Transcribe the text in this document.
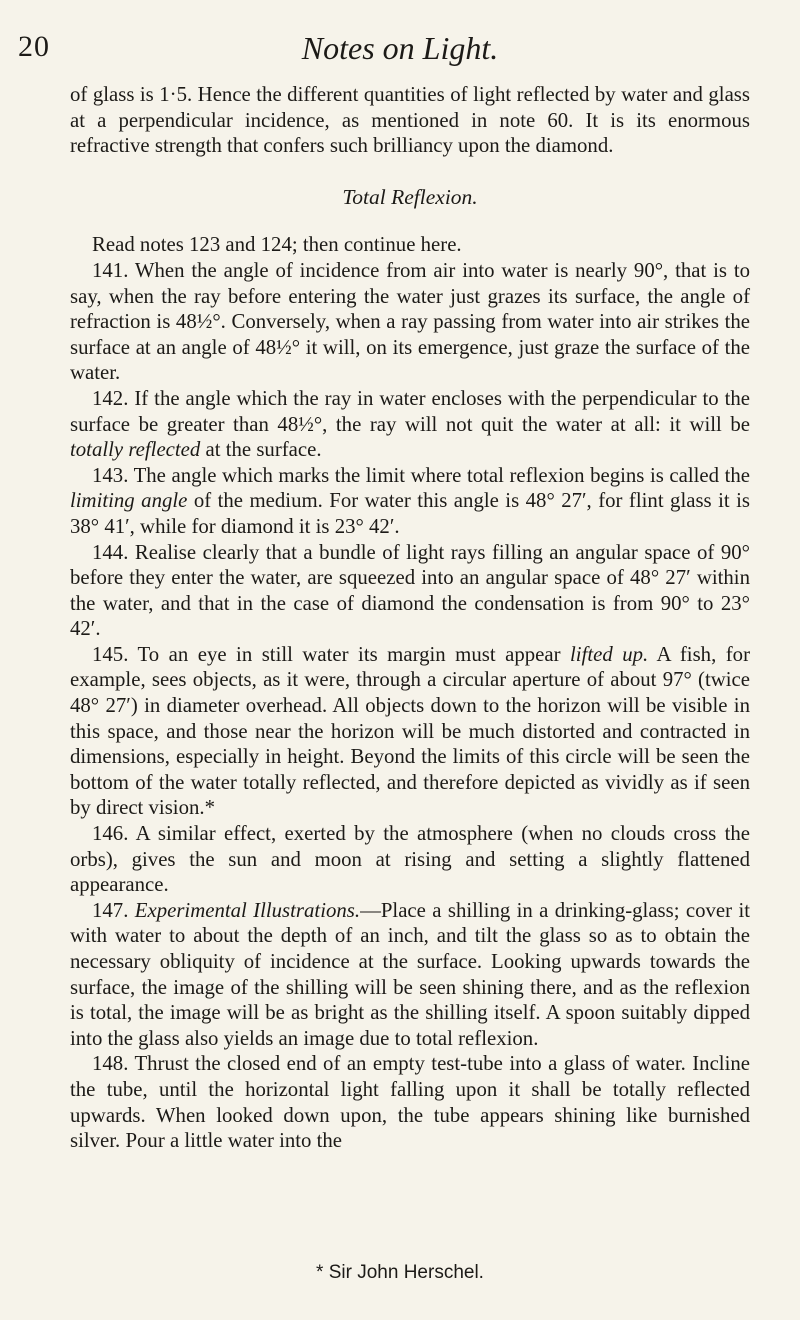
20	Notes on Light.

of glass is 1·5. Hence the different quantities of light reflected by water and glass at a perpendicular incidence, as mentioned in note 60. It is its enormous refractive strength that confers such brilliancy upon the diamond.

Total Reflexion.

Read notes 123 and 124; then continue here.

141. When the angle of incidence from air into water is nearly 90°, that is to say, when the ray before entering the water just grazes its surface, the angle of refraction is 48½°. Conversely, when a ray passing from water into air strikes the surface at an angle of 48½° it will, on its emergence, just graze the surface of the water.

142. If the angle which the ray in water encloses with the perpendicular to the surface be greater than 48½°, the ray will not quit the water at all: it will be totally reflected at the surface.

143. The angle which marks the limit where total reflexion begins is called the limiting angle of the medium. For water this angle is 48° 27′, for flint glass it is 38° 41′, while for diamond it is 23° 42′.

144. Realise clearly that a bundle of light rays filling an angular space of 90° before they enter the water, are squeezed into an angular space of 48° 27′ within the water, and that in the case of diamond the condensation is from 90° to 23° 42′.

145. To an eye in still water its margin must appear lifted up. A fish, for example, sees objects, as it were, through a circular aperture of about 97° (twice 48° 27′) in diameter overhead. All objects down to the horizon will be visible in this space, and those near the horizon will be much distorted and contracted in dimensions, especially in height. Beyond the limits of this circle will be seen the bottom of the water totally reflected, and therefore depicted as vividly as if seen by direct vision.*

146. A similar effect, exerted by the atmosphere (when no clouds cross the orbs), gives the sun and moon at rising and setting a slightly flattened appearance.

147. Experimental Illustrations.—Place a shilling in a drinking-glass; cover it with water to about the depth of an inch, and tilt the glass so as to obtain the necessary obliquity of incidence at the surface. Looking upwards towards the surface, the image of the shilling will be seen shining there, and as the reflexion is total, the image will be as bright as the shilling itself. A spoon suitably dipped into the glass also yields an image due to total reflexion.

148. Thrust the closed end of an empty test-tube into a glass of water. Incline the tube, until the horizontal light falling upon it shall be totally reflected upwards. When looked down upon, the tube appears shining like burnished silver. Pour a little water into the

* Sir John Herschel.
